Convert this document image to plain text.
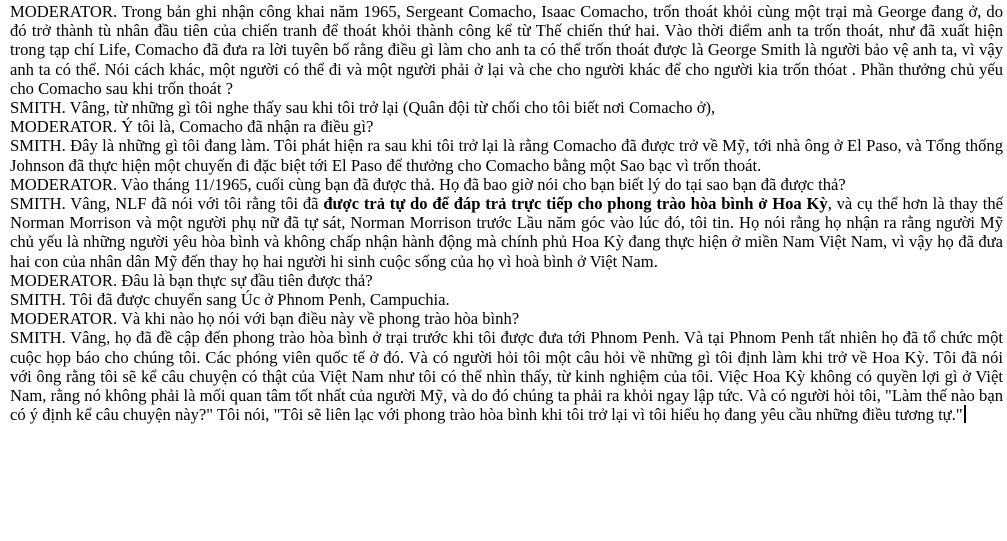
MODERATOR. Trong bản ghi nhận công khai năm 1965, Sergeant Comacho, Isaac Comacho, trốn thoát khỏi cùng một trại mà George đang ở, do đó trở thành tù nhân đầu tiên của chiến tranh để thoát khỏi thành công kể từ Thế chiến thứ hai. Vào thời điểm anh ta trốn thoát, như đã xuất hiện trong tạp chí Life, Comacho đã đưa ra lời tuyên bố rằng điều gì làm cho anh ta có thể trốn thoát được là George Smith là người bảo vệ anh ta, vì vậy anh ta có thể. Nói cách khác, một người có thể đi và một người phải ở lại và che cho người khác để cho người kia trốn thóat . Phần thưởng chủ yếu cho Comacho sau khi trốn thoát ?

SMITH. Vâng, từ những gì tôi nghe thấy sau khi tôi trở lại (Quân đội từ chối cho tôi biết nơi Comacho ở),

MODERATOR. Ý tôi là, Comacho đã nhận ra điều gì?

SMITH. Đây là những gì tôi đang làm. Tôi phát hiện ra sau khi tôi trở lại là rằng Comacho đã được trở về Mỹ, tới nhà ông ở El Paso, và Tổng thống Johnson đã thực hiện một chuyến đi đặc biệt tới El Paso để thưởng cho Comacho bằng một Sao bạc vì trốn thoát.

MODERATOR. Vào tháng 11/1965, cuối cùng bạn đã được thả. Họ đã bao giờ nói cho bạn biết lý do tại sao bạn đã được thả?

SMITH. Vâng, NLF đã nói với tôi rằng tôi đã được trả tự do để đáp trả trực tiếp cho phong trào hòa bình ở Hoa Kỳ, và cụ thể hơn là thay thế Norman Morrison và một người phụ nữ đã tự sát, Norman Morrison trước Lầu năm góc vào lúc đó, tôi tin. Họ nói rằng họ nhận ra rằng người Mỹ chủ yếu là những người yêu hòa bình và không chấp nhận hành động mà chính phủ Hoa Kỳ đang thực hiện ở miền Nam Việt Nam, vì vậy họ đã đưa hai con của nhân dân Mỹ đến thay họ hai người hi sinh cuộc sống của họ vì hoà bình ở Việt Nam.

MODERATOR. Đâu là bạn thực sự đầu tiên được thả?

SMITH. Tôi đã được chuyển sang Úc ở Phnom Penh, Campuchia.

MODERATOR. Và khi nào họ nói với bạn điều này về phong trào hòa bình?

SMITH. Vâng, họ đã đề cập đến phong trào hòa bình ở trại trước khi tôi được đưa tới Phnom Penh. Và tại Phnom Penh tất nhiên họ đã tổ chức một cuộc họp báo cho chúng tôi. Các phóng viên quốc tế ở đó. Và có người hỏi tôi một câu hỏi về những gì tôi định làm khi trở về Hoa Kỳ. Tôi đã nói với ông rằng tôi sẽ kể câu chuyện có thật của Việt Nam như tôi có thể nhìn thấy, từ kinh nghiệm của tôi. Việc Hoa Kỳ không có quyền lợi gì ở Việt Nam, rằng nó không phải là mối quan tâm tốt nhất của người Mỹ, và do đó chúng ta phải ra khỏi ngay lập tức. Và có người hỏi tôi, "Làm thế nào bạn có ý định kể câu chuyện này?" Tôi nói, "Tôi sẽ liên lạc với phong trào hòa bình khi tôi trở lại vì tôi hiểu họ đang yêu cầu những điều tương tự."
